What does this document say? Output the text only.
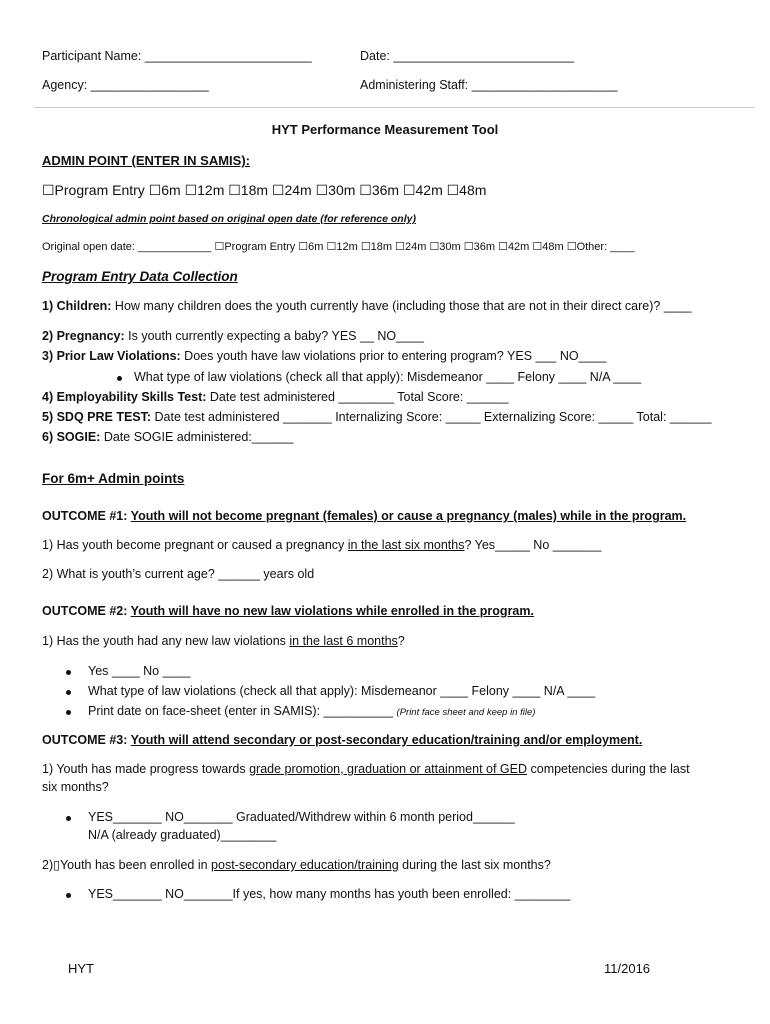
Participant Name: ________________________	Date: __________________________
Agency: _________________	Administering Staff: _____________________
HYT Performance Measurement Tool
ADMIN POINT (ENTER IN SAMIS):
☐Program Entry ☐6m ☐12m ☐18m ☐24m ☐30m ☐36m ☐42m ☐48m
Chronological admin point based on original open date (for reference only)
Original open date: ____________ ☐Program Entry ☐6m ☐12m ☐18m ☐24m ☐30m ☐36m ☐42m ☐48m ☐Other: ____
Program Entry Data Collection
1) Children: How many children does the youth currently have (including those that are not in their direct care)? ____
2) Pregnancy: Is youth currently expecting a baby? YES __ NO____
3) Prior Law Violations: Does youth have law violations prior to entering program? YES ___ NO____
What type of law violations (check all that apply): Misdemeanor ____ Felony ____ N/A ____
4) Employability Skills Test: Date test administered ________ Total Score: ______
5) SDQ PRE TEST: Date test administered _______ Internalizing Score: _____ Externalizing Score: _____ Total: ______
6) SOGIE: Date SOGIE administered:______
For 6m+ Admin points
OUTCOME #1: Youth will not become pregnant (females) or cause a pregnancy (males) while in the program.
1) Has youth become pregnant or caused a pregnancy in the last six months? Yes_____ No _______
2) What is youth’s current age? ______ years old
OUTCOME #2: Youth will have no new law violations while enrolled in the program.
1) Has the youth had any new law violations in the last 6 months?
Yes ____ No ____
What type of law violations (check all that apply): Misdemeanor ____ Felony ____ N/A ____
Print date on face-sheet (enter in SAMIS): __________ (Print face sheet and keep in file)
OUTCOME #3: Youth will attend secondary or post-secondary education/training and/or employment.
1) Youth has made progress towards grade promotion, graduation or attainment of GED competencies during the last
six months?
YES_______ NO_______ Graduated/Withdrew within 6 month period______
N/A (already graduated)________
2)▯Youth has been enrolled in post-secondary education/training during the last six months?
YES_______ NO_______If yes, how many months has youth been enrolled: ________
HYT	11/2016
